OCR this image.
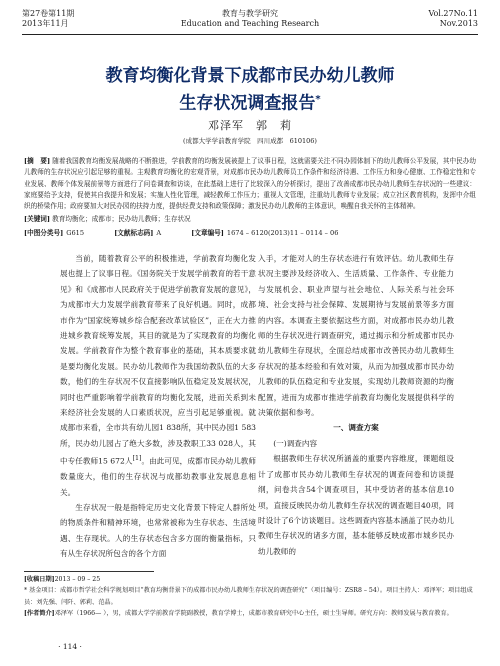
第27卷第11期
2013年11月
教育与教学研究
Education and Teaching Research
Vol.27No.11
Nov.2013
教育均衡化背景下成都市民办幼儿教师
生存状况调查报告*
邓泽军　郭　莉
(成都大学学前教育学院　四川成都　610106)
[摘　要] 随着我国教育均衡发展战略的不断推进，学前教育的均衡发展被提上了议事日程，这就需要关注不同办园体制下的幼儿教师公平发展，其中民办幼儿教师的生存状况应引起足够的重视。主观教育均衡化的宏观背景，对成都市民办幼儿教师员工作条件和经济待遇、工作压力和身心健康、工作稳定性和专业发展、教师个体发展前景等方面进行了问卷调查和访谈，在此基础上进行了比较深入的分析探讨，提出了改善成都市民办幼儿教师生存状况的一些建议：家庭要给予支持，促使其自我提升和发展；实施人性化管理，减轻教师工作压力；重视人文管理，注重幼儿教师专业发展；成立社区教育机构，发挥中介组织的桥梁作用；政府要加大对民办园的扶持力度，提供经费支持和政策保障；激发民办幼儿教师的主体意识，唤醒自我关怀的主体精神。
[关键词] 教育均衡化；成都市；民办幼儿教师；生存状况
[中图分类号] G615	[文献标志码] A	[文章编号] 1674 – 6120(2013)11 – 0114 – 06

当前，随着教育公平的积极推进，学前教育均衡化发展也提上了议事日程。《国务院关于发展学前教育的若干意见》和《成都市人民政府关于促进学前教育发展的意见》，为成都市大力发展学前教育带来了良好机遇。同时，成都市作为“国家统筹城乡综合配套改革试验区”，正在大力推进城乡教育统筹发展，其目的就是为了实现教育的均衡化发展。学前教育作为整个教育事业的基础，其本质要求就是要均衡化发展。民办幼儿教师作为我国幼教队伍的大多数，他们的生存状况不仅直接影响队伍稳定及发展状况，同时也严重影响着学前教育的均衡化发展，进而关系到未来经济社会发展的人口素质状况，应当引起足够重视。就成都市来看，全市共有幼儿园1 838所，其中民办园1 583所，民办幼儿园占了绝大多数，涉及教职工33 028人，其中专任教师15 672人[1]。由此可见，成都市民办幼儿教师数量庞大，他们的生存状况与成都幼教事业发展息息相关。

生存状况一般是指特定历史文化背景下特定人群所处的物质条件和精神环境，也常常被称为生存状态、生活境遇、生存现状。人的生存状态包含多方面的衡量指标，只有从生存状况所包含的各个方面

入手，才能对人的生存状态进行有效评估。幼儿教师生存状况主要涉及经济收入、生活质量、工作条件、专业能力与发展机会、职业声望与社会地位、人际关系与社会环境、社会支持与社会保障、发展期待与发展前景等多方面的内容。本调查主要依据这些方面，对成都市民办幼儿教师的生存状况进行调查研究，通过揭示和分析成都市民办幼儿教师生存现状，全面总结成都市改善民办幼儿教师生存状况的基本经验和有效对策，从而为加强成都市民办幼儿教师的队伍稳定和专业发展，实现幼儿教师资源的均衡配置，进而为成都市推进学前教育均衡化发展提供科学的决策依据和参考。

一、调查方案

(一)调查内容

根据教师生存状况所涵盖的重要内容维度，课题组设计了成都市民办幼儿教师生存状况的调查问卷和访谈提纲，问卷共含54个调查项目，其中受访者的基本信息10项，直接反映民办幼儿教师生存状况的调查题目40项，同时设计了6个访谈题目。这些调查内容基本涵盖了民办幼儿教师生存状况的诸多方面，基本能够反映成都市城乡民办幼儿教师的

[收稿日期]2013 – 09 – 25
* 基金项目：成都市哲学社会科学规划项目“教育均衡背景下的成都市民办幼儿教师生存状况的调查研究”（项目编号：ZSR8 – 54）。项目主持人：邓泽军；项目组成员：刘先强、闫阡、郭莉、范晶。
[作者简介]邓泽军（1966— ），男，成都大学学前教育学院副教授，教育学博士，成都市教育研究中心主任，硕士生导师。研究方向：教师发展与教育教育。
· 114 ·
